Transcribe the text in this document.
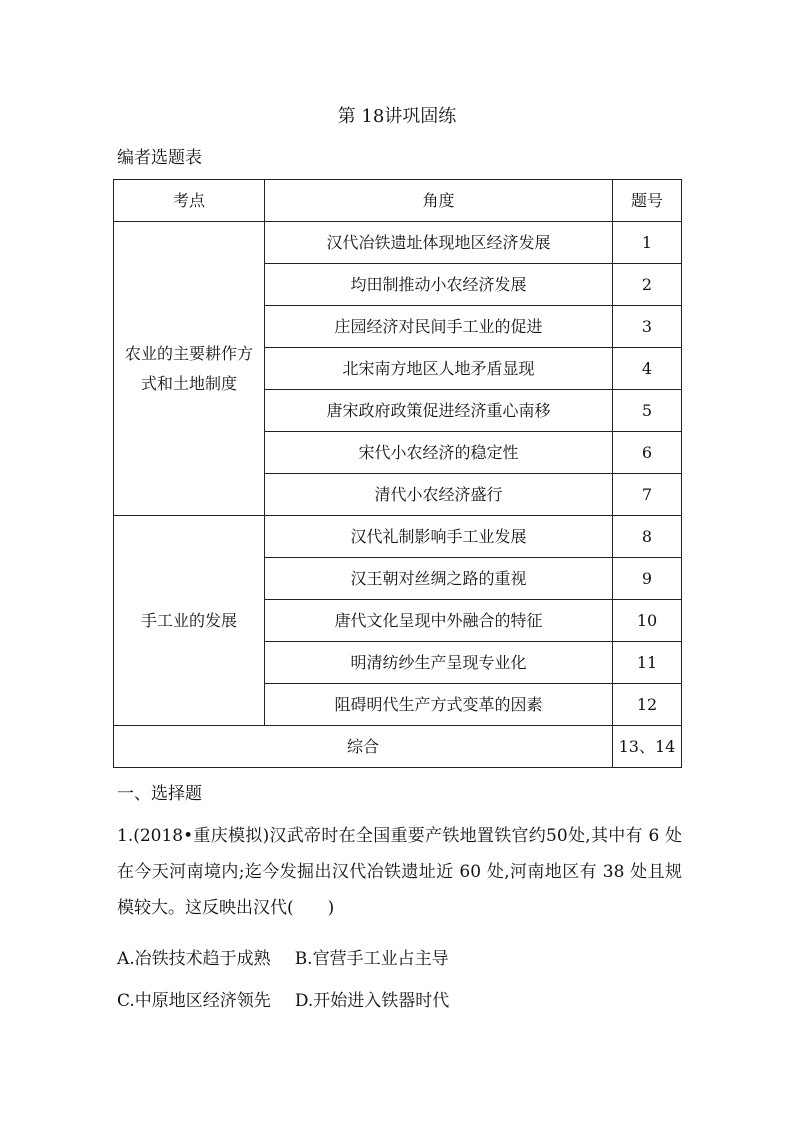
第 18讲巩固练
编者选题表
考点	角度	题号
农业的主要耕作方式和土地制度	汉代冶铁遗址体现地区经济发展	1
	均田制推动小农经济发展	2
	庄园经济对民间手工业的促进	3
	北宋南方地区人地矛盾显现	4
	唐宋政府政策促进经济重心南移	5
	宋代小农经济的稳定性	6
	清代小农经济盛行	7
手工业的发展	汉代礼制影响手工业发展	8
	汉王朝对丝绸之路的重视	9
	唐代文化呈现中外融合的特征	10
	明清纺纱生产呈现专业化	11
	阻碍明代生产方式变革的因素	12
综合		13、14
一、选择题
1.(2018•重庆模拟)汉武帝时在全国重要产铁地置铁官约50处,其中有 6 处在今天河南境内;迄今发掘出汉代冶铁遗址近 60 处,河南地区有 38 处且规模较大。这反映出汉代(　　)
A.冶铁技术趋于成熟 B.官营手工业占主导
C.中原地区经济领先 D.开始进入铁器时代
